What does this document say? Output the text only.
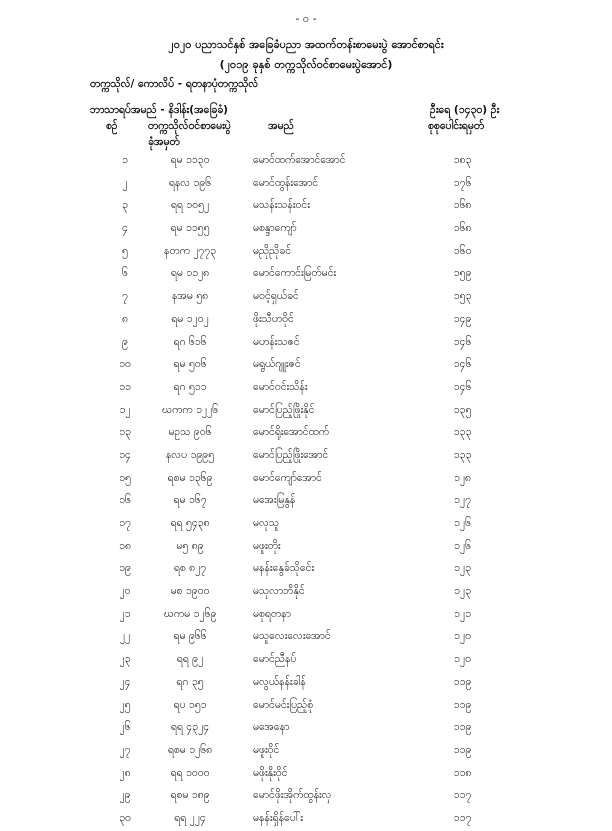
- ၀ -
၂၀၂၀ ပညာသင်နှစ် အခြေခံပညာ အထက်တန်းစာမေးပွဲ အောင်စာရင်း
(၂၀၁၉ ခုနှစ် တက္ကသိုလ်ဝင်စာမေးပွဲအောင်)
တက္ကသိုလ်/ ကောလိပ် - ရတနာပုံတက္ကသိုလ်
ဘာသာရပ်အမည် - နိဒါန်း(အခြေခံ)	ဦးရေ (၁၄၃၀) ဦး
စဉ်	တက္ကသိုလ်ဝင်စာမေးပွဲ	အမည်	စုစုပေါင်းရမှတ်
ခုံအမှတ်
၁	ရမ ၁၁၃၀	မောင်ထက်အောင်အောင်	၁၈၃
၂	ရနလ ၁၉၆	မောင်ထွန်းအောင်	၁၇၆
၃	ရရ ၁၀၅၂	မသန်းသန်းဝင်း	၁၆၈
၄	ရမ ၁၁၅၅	မစန္ဒာကျော်	၁၆၈
၅	နတက ၂၇၇၃	မညိုညိုခင်	၁၆၀
၆	ရမ ၁၁၂၈	မောင်ကောင်းမြတ်မင်း	၁၅၉
၇	နအမ ၅၈	မဝင့်ရှယ်ခင်	၁၅၃
၈	ရမ ၁၂၀၂	ဖိုးသီဟဝိုင်	၁၄၉
၉	ရဂ ၆၁၆	မဟန်းသဇင်	၁၄၆
၁၀	ရမ ၅၀၆	မရွယ်ဂျူးဇင်	၁၄၆
၁၁	ရဂ ၅၁၁	မောင်ဝင်းသိန်း	၁၄၆
၁၂	ဃကက ၁၂၂၆	မောင်ပြည့်ဖြိုးနိုင်	၁၃၅
၁၃	မဥသ ၉၀၆	မောင်ရိုးအောင်ထက်	၁၃၃
၁၄	နလပ ၁၉၉၅	မောင်ပြည့်ဖြိုးအောင်	၁၃၃
၁၅	ရစမ ၁၃၆၉	မောင်ကျော်အောင်	၁၂၈
၁၆	ရမ ၁၆၇	မအေးမြနွန်	၁၂၇
၁၇	ရရ ၅၄၃၈	မလုသူ	၁၂၆
၁၈	မ၅ ၈၉	မဖူးတိုး	၁၂၆
၁၉	ရစ ၈၂၇	မနန်းနွေခ်သိုင်ေး	၁၂၃
၂၀	မစ ၁၉၀၀	မသုလာဘိနိုင်	၁၂၃
၂၁	ဃကမ ၁၂၆၉	မစုရတနာ	၁၂၁
၂၂	ရမ ၉၆၆	မသူလေးလေးအောင်	၁၂၀
၂၃	ရရ ၉၂	မောင်ညီနပ်	၁၂၀
၂၄	ရဂ ၃၅	မလွယ်နန်းခါန်	၁၁၉
၂၅	ရပ ၁၅၁	မောင်မင်းပြည့်စုံ	၁၁၉
၂၆	ရရ ၄၃၂၄	မအေနော	၁၁၉
၂၇	ရစမ ၁၂၆၈	မဖူးဝိုင်	၁၁၉
၂၈	ရရ ၁၀၀၀	မဖိုးနိုးဝိုင်	၁၁၈
၂၉	ရစမ ၁၈၉	မောင်ဖိုးအိုက်ထွန်းလှ	၁၁၇
၃၀	ရရ ၂၂၄	မနန်းရှိန်ပေါ်း	၁၁၇
